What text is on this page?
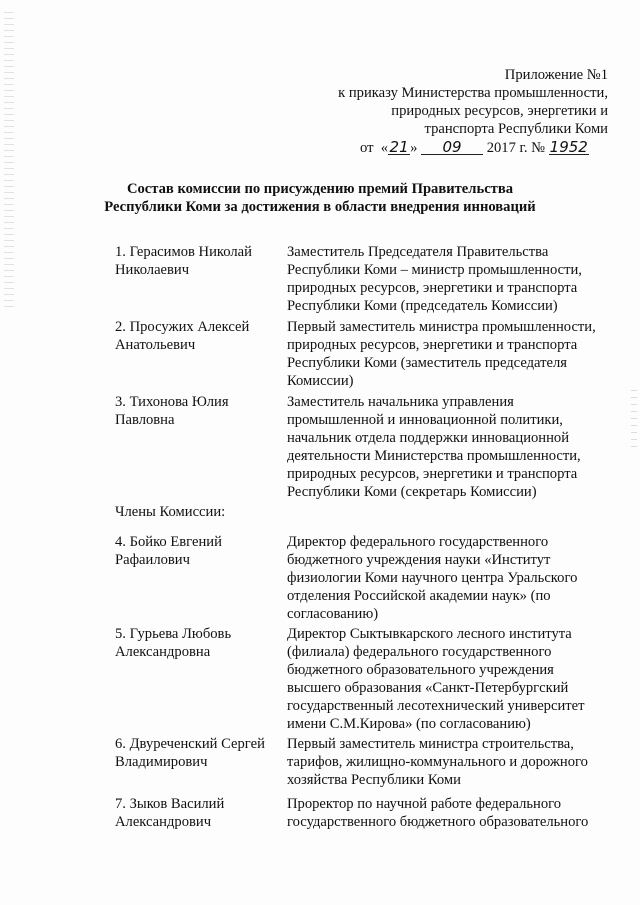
Приложение №1
к приказу Министерства промышленности,
природных ресурсов, энергетики и
транспорта Республики Коми
от  «21» 09 2017 г. № 1952
Состав комиссии по присуждению премий Правительства
Республики Коми за достижения в области внедрения инноваций
1. Герасимов Николай
Николаевич
Заместитель Председателя Правительства
Республики Коми – министр промышленности,
природных ресурсов, энергетики и транспорта
Республики Коми (председатель Комиссии)
2. Просужих Алексей
Анатольевич
Первый заместитель министра промышленности,
природных ресурсов, энергетики и транспорта
Республики Коми (заместитель председателя
Комиссии)
3. Тихонова Юлия
Павловна
Заместитель начальника управления
промышленной и инновационной политики,
начальник отдела поддержки инновационной
деятельности Министерства промышленности,
природных ресурсов, энергетики и транспорта
Республики Коми (секретарь Комиссии)
Члены Комиссии:
4. Бойко Евгений
Рафаилович
Директор федерального государственного
бюджетного учреждения науки «Институт
физиологии Коми научного центра Уральского
отделения Российской академии наук» (по
согласованию)
5. Гурьева Любовь
Александровна
Директор Сыктывкарского лесного института
(филиала) федерального государственного
бюджетного образовательного учреждения
высшего образования «Санкт-Петербургский
государственный лесотехнический университет
имени С.М.Кирова» (по согласованию)
6. Двуреченский Сергей
Владимирович
Первый заместитель министра строительства,
тарифов, жилищно-коммунального и дорожного
хозяйства Республики Коми
7. Зыков Василий
Александрович
Проректор по научной работе федерального
государственного бюджетного образовательного
